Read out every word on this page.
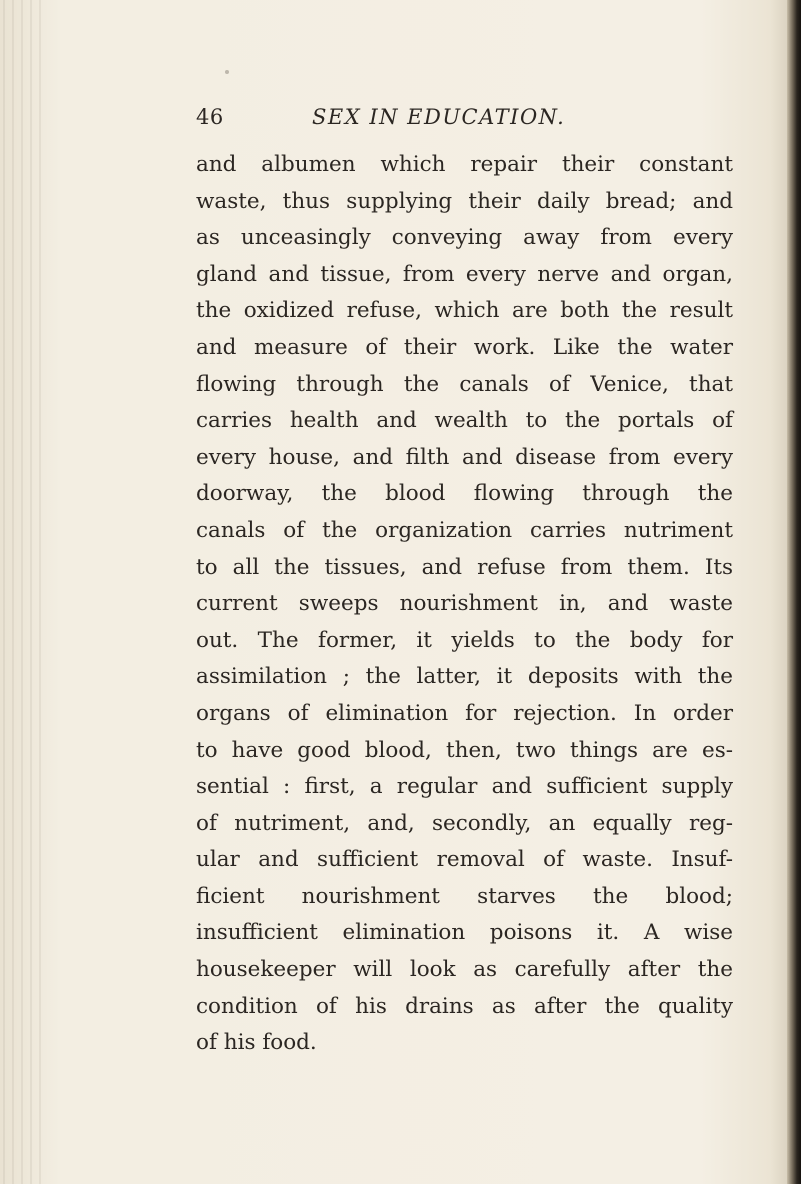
46	SEX IN EDUCATION.
and albumen which repair their constant
waste, thus supplying their daily bread; and
as unceasingly conveying away from every
gland and tissue, from every nerve and organ,
the oxidized refuse, which are both the result
and measure of their work. Like the water
flowing through the canals of Venice, that
carries health and wealth to the portals of
every house, and filth and disease from every
doorway, the blood flowing through the
canals of the organization carries nutriment
to all the tissues, and refuse from them. Its
current sweeps nourishment in, and waste
out. The former, it yields to the body for
assimilation ; the latter, it deposits with the
organs of elimination for rejection. In order
to have good blood, then, two things are es-
sential : first, a regular and sufficient supply
of nutriment, and, secondly, an equally reg-
ular and sufficient removal of waste. Insuf-
ficient nourishment starves the blood;
insufficient elimination poisons it. A wise
housekeeper will look as carefully after the
condition of his drains as after the quality
of his food.
